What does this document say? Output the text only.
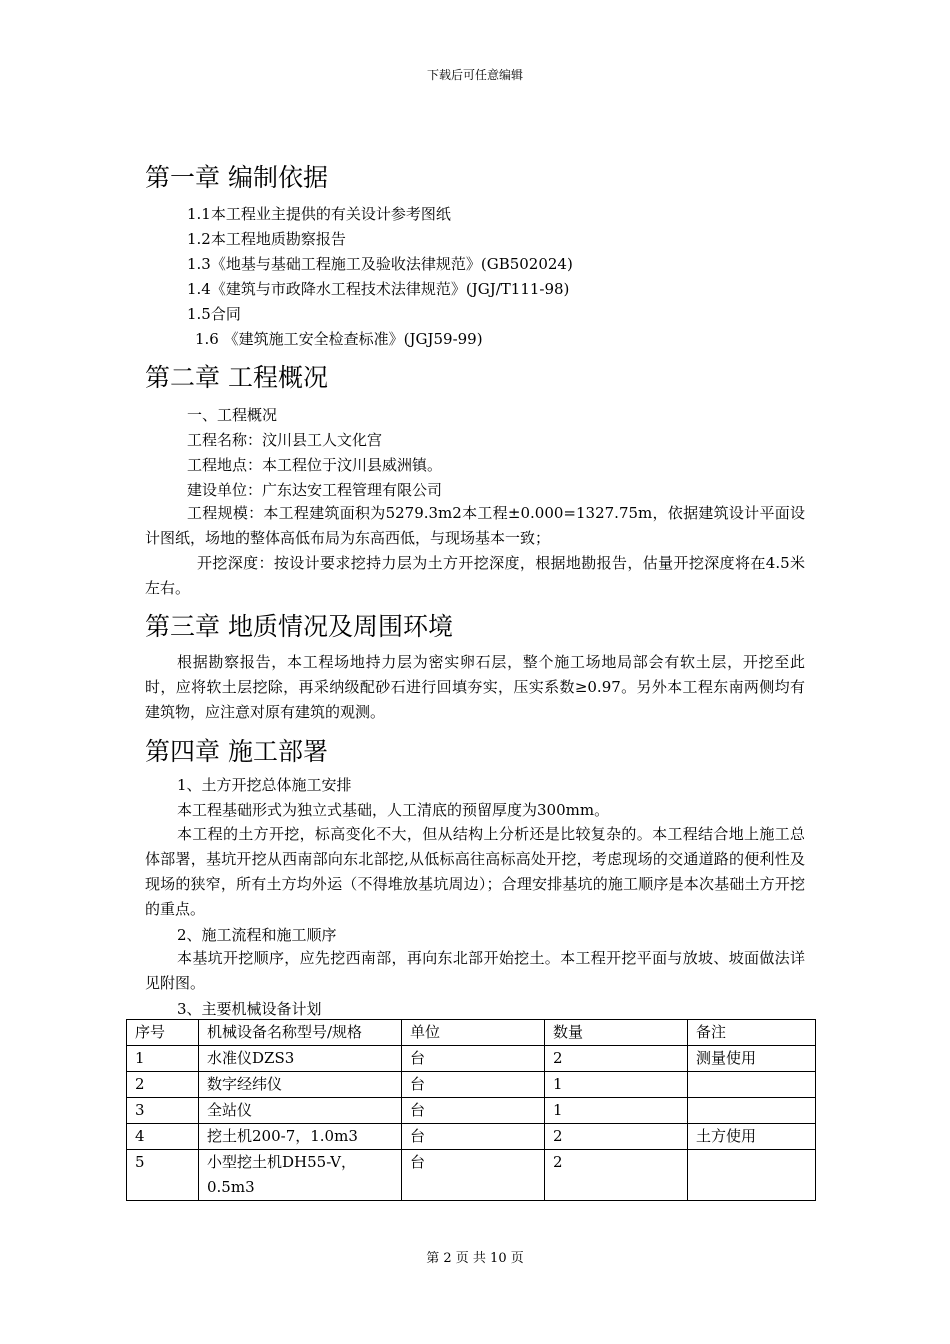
下载后可任意编辑
第一章 编制依据
1.1本工程业主提供的有关设计参考图纸
1.2本工程地质勘察报告
1.3《地基与基础工程施工及验收法律规范》(GB502024)
1.4《建筑与市政降水工程技术法律规范》(JGJ/T111-98)
1.5合同
1.6 《建筑施工安全检查标准》(JGJ59-99)
第二章 工程概况
一、工程概况
工程名称：汶川县工人文化宫
工程地点：本工程位于汶川县威洲镇。
建设单位：广东达安工程管理有限公司
工程规模：本工程建筑面积为5279.3m2本工程±0.000=1327.75m，依据建筑设计平面设计图纸，场地的整体高低布局为东高西低，与现场基本一致；
开挖深度：按设计要求挖持力层为土方开挖深度，根据地勘报告，估量开挖深度将在4.5米左右。
第三章 地质情况及周围环境
根据勘察报告，本工程场地持力层为密实卵石层，整个施工场地局部会有软土层，开挖至此时，应将软土层挖除，再采纳级配砂石进行回填夯实，压实系数≥0.97。另外本工程东南两侧均有建筑物，应注意对原有建筑的观测。
第四章 施工部署
1、土方开挖总体施工安排
本工程基础形式为独立式基础，人工清底的预留厚度为300mm。
本工程的土方开挖，标高变化不大，但从结构上分析还是比较复杂的。本工程结合地上施工总体部署，基坑开挖从西南部向东北部挖,从低标高往高标高处开挖，考虑现场的交通道路的便利性及现场的狭窄，所有土方均外运（不得堆放基坑周边）；合理安排基坑的施工顺序是本次基础土方开挖的重点。
2、施工流程和施工顺序
本基坑开挖顺序，应先挖西南部，再向东北部开始挖土。本工程开挖平面与放坡、坡面做法详见附图。
3、主要机械设备计划
序号	机械设备名称型号/规格	单位	数量	备注
1	水准仪DZS3	台	2	测量使用
2	数字经纬仪	台	1	
3	全站仪	台	1	
4	挖土机200-7，1.0m3	台	2	土方使用
5	小型挖土机DH55-V，0.5m3	台	2	
第 2 页 共 10 页
